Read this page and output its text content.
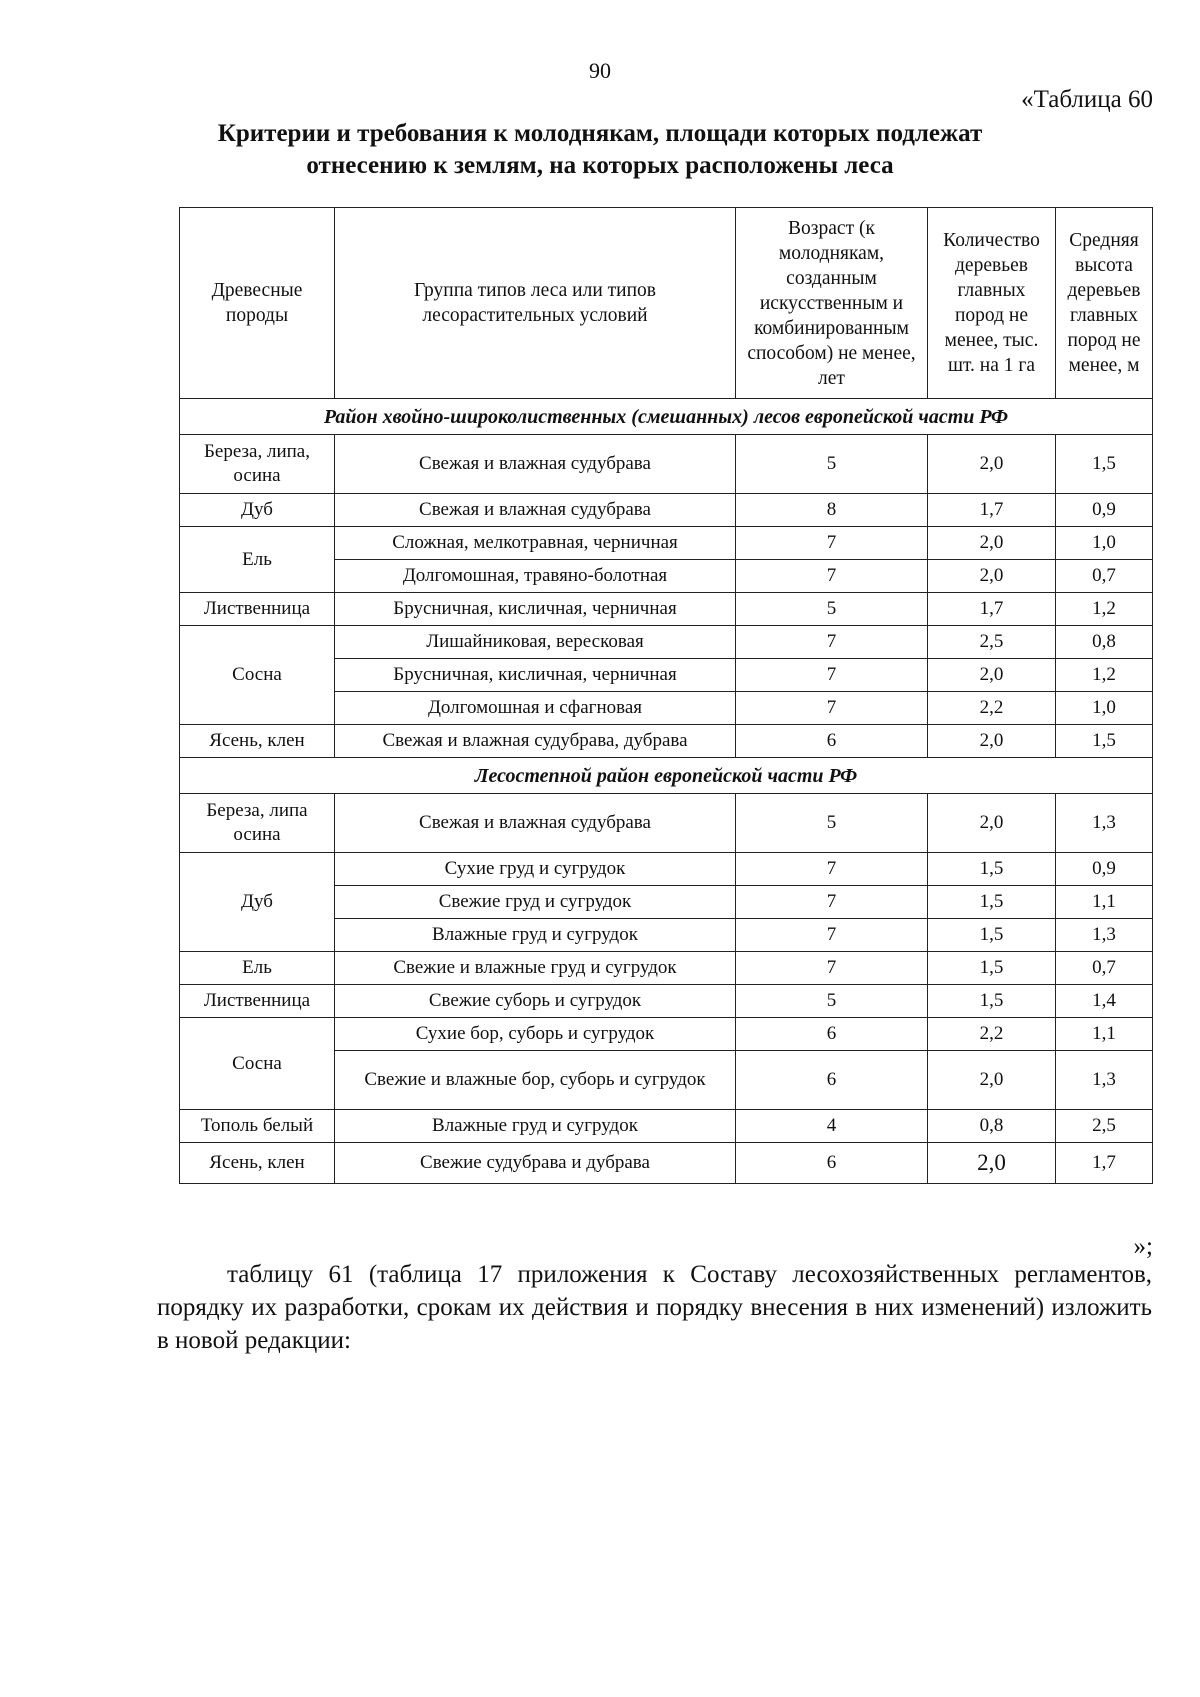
90
«Таблица 60
Критерии и требования к молоднякам, площади которых подлежат
отнесению к землям, на которых расположены леса
Древесные породы	Группа типов леса или типов лесорастительных условий	Возраст (к молоднякам, созданным искусственным и комбинированным способом) не менее, лет	Количество деревьев главных пород не менее, тыс. шт. на 1 га	Средняя высота деревьев главных пород не менее, м
Район хвойно-широколиственных (смешанных) лесов европейской части РФ				
Береза, липа, осина	Свежая и влажная судубрава	5	2,0	1,5
Дуб	Свежая и влажная судубрава	8	1,7	0,9
Ель	Сложная, мелкотравная, черничная	7	2,0	1,0
	Долгомошная, травяно-болотная	7	2,0	0,7
Лиственница	Брусничная, кисличная, черничная	5	1,7	1,2
Сосна	Лишайниковая, вересковая	7	2,5	0,8
	Брусничная, кисличная, черничная	7	2,0	1,2
	Долгомошная и сфагновая	7	2,2	1,0
Ясень, клен	Свежая и влажная судубрава, дубрава	6	2,0	1,5
Лесостепной район европейской части РФ				
Береза, липа осина	Свежая и влажная судубрава	5	2,0	1,3
Дуб	Сухие груд и сугрудок	7	1,5	0,9
	Свежие груд и сугрудок	7	1,5	1,1
	Влажные груд и сугрудок	7	1,5	1,3
Ель	Свежие и влажные груд и сугрудок	7	1,5	0,7
Лиственница	Свежие суборь и сугрудок	5	1,5	1,4
Сосна	Сухие бор, суборь и сугрудок	6	2,2	1,1
	Свежие и влажные бор, суборь и сугрудок	6	2,0	1,3
Тополь белый	Влажные груд и сугрудок	4	0,8	2,5
Ясень, клен	Свежие судубрава и дубрава	6	2,0	1,7
»;
таблицу 61 (таблица 17 приложения к Составу лесохозяйственных регламентов, порядку их разработки, срокам их действия и порядку внесения в них изменений) изложить в новой редакции:
